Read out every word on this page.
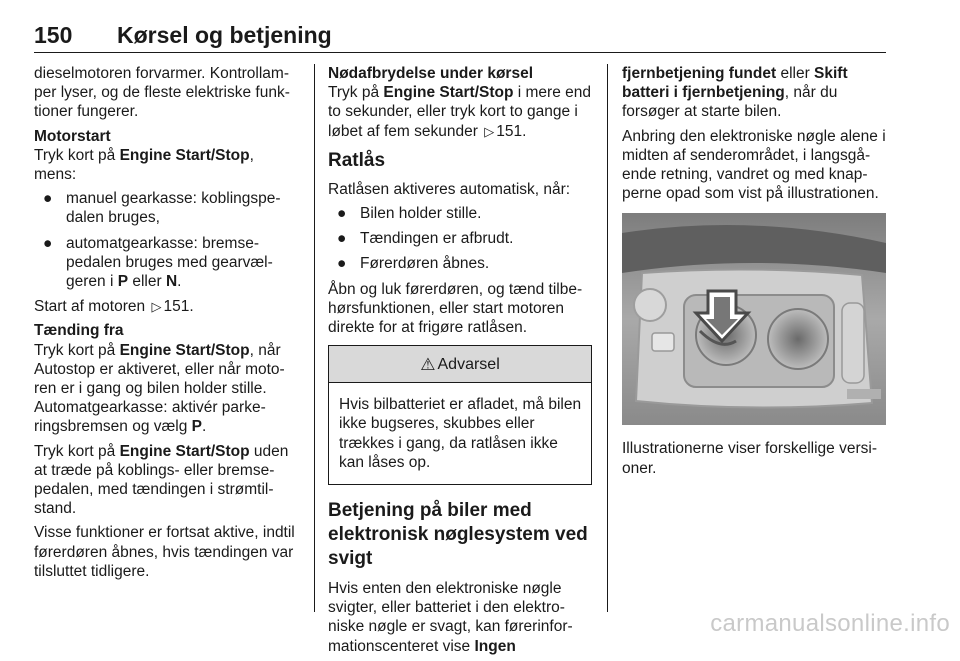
150 Kørsel og betjening

dieselmotoren forvarmer. Kontrollamper lyser, og de fleste elektriske funktioner fungerer.

Motorstart
Tryk kort på Engine Start/Stop, mens:

● manuel gearkasse: koblingspedalen bruges,
● automatgearkasse: bremsepedalen bruges med gearvælgeren i P eller N.

Start af motoren ▷ 151.

Tænding fra
Tryk kort på Engine Start/Stop, når Autostop er aktiveret, eller når motoren er i gang og bilen holder stille. Automatgearkasse: aktivér parkeringsbremsen og vælg P.

Tryk kort på Engine Start/Stop uden at træde på koblings- eller bremsepedalen, med tændingen i strømtilstand.

Visse funktioner er fortsat aktive, indtil førerdøren åbnes, hvis tændingen var tilsluttet tidligere.

Nødafbrydelse under kørsel
Tryk på Engine Start/Stop i mere end to sekunder, eller tryk kort to gange i løbet af fem sekunder ▷ 151.

Ratlås

Ratlåsen aktiveres automatisk, når:

● Bilen holder stille.
● Tændingen er afbrudt.
● Førerdøren åbnes.

Åbn og luk førerdøren, og tænd tilbehørsfunktionen, eller start motoren direkte for at frigøre ratlåsen.

⚠ Advarsel
Hvis bilbatteriet er afladet, må bilen ikke bugseres, skubbes eller trækkes i gang, da ratlåsen ikke kan låses op.
Betjening på biler med elektronisk nøglesystem ved svigt

Hvis enten den elektroniske nøgle svigter, eller batteriet i den elektroniske nøgle er svagt, kan førerinformationscenteret vise Ingen

fjernbetjening fundet eller Skift batteri i fjernbetjening, når du forsøger at starte bilen.

Anbring den elektroniske nøgle alene i midten af senderområdet, i langsgående retning, vandret og med knapperne opad som vist på illustrationen.

Illustrationerne viser forskellige versioner.

carmanualsonline.info
